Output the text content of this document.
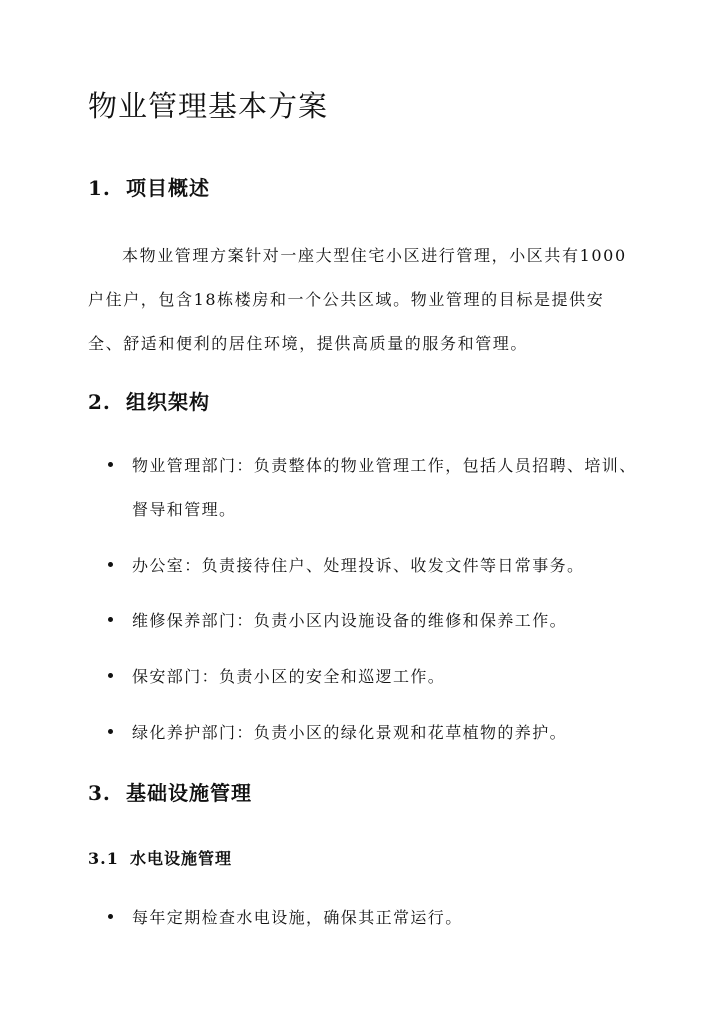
物业管理基本方案
1. 项目概述

本物业管理方案针对一座大型住宅小区进行管理，小区共有1000户住户，包含18栋楼房和一个公共区域。物业管理的目标是提供安全、舒适和便利的居住环境，提供高质量的服务和管理。

2. 组织架构
物业管理部门：负责整体的物业管理工作，包括人员招聘、培训、督导和管理。
办公室：负责接待住户、处理投诉、收发文件等日常事务。
维修保养部门：负责小区内设施设备的维修和保养工作。
保安部门：负责小区的安全和巡逻工作。
绿化养护部门：负责小区的绿化景观和花草植物的养护。
3. 基础设施管理
3.1 水电设施管理
每年定期检查水电设施，确保其正常运行。
